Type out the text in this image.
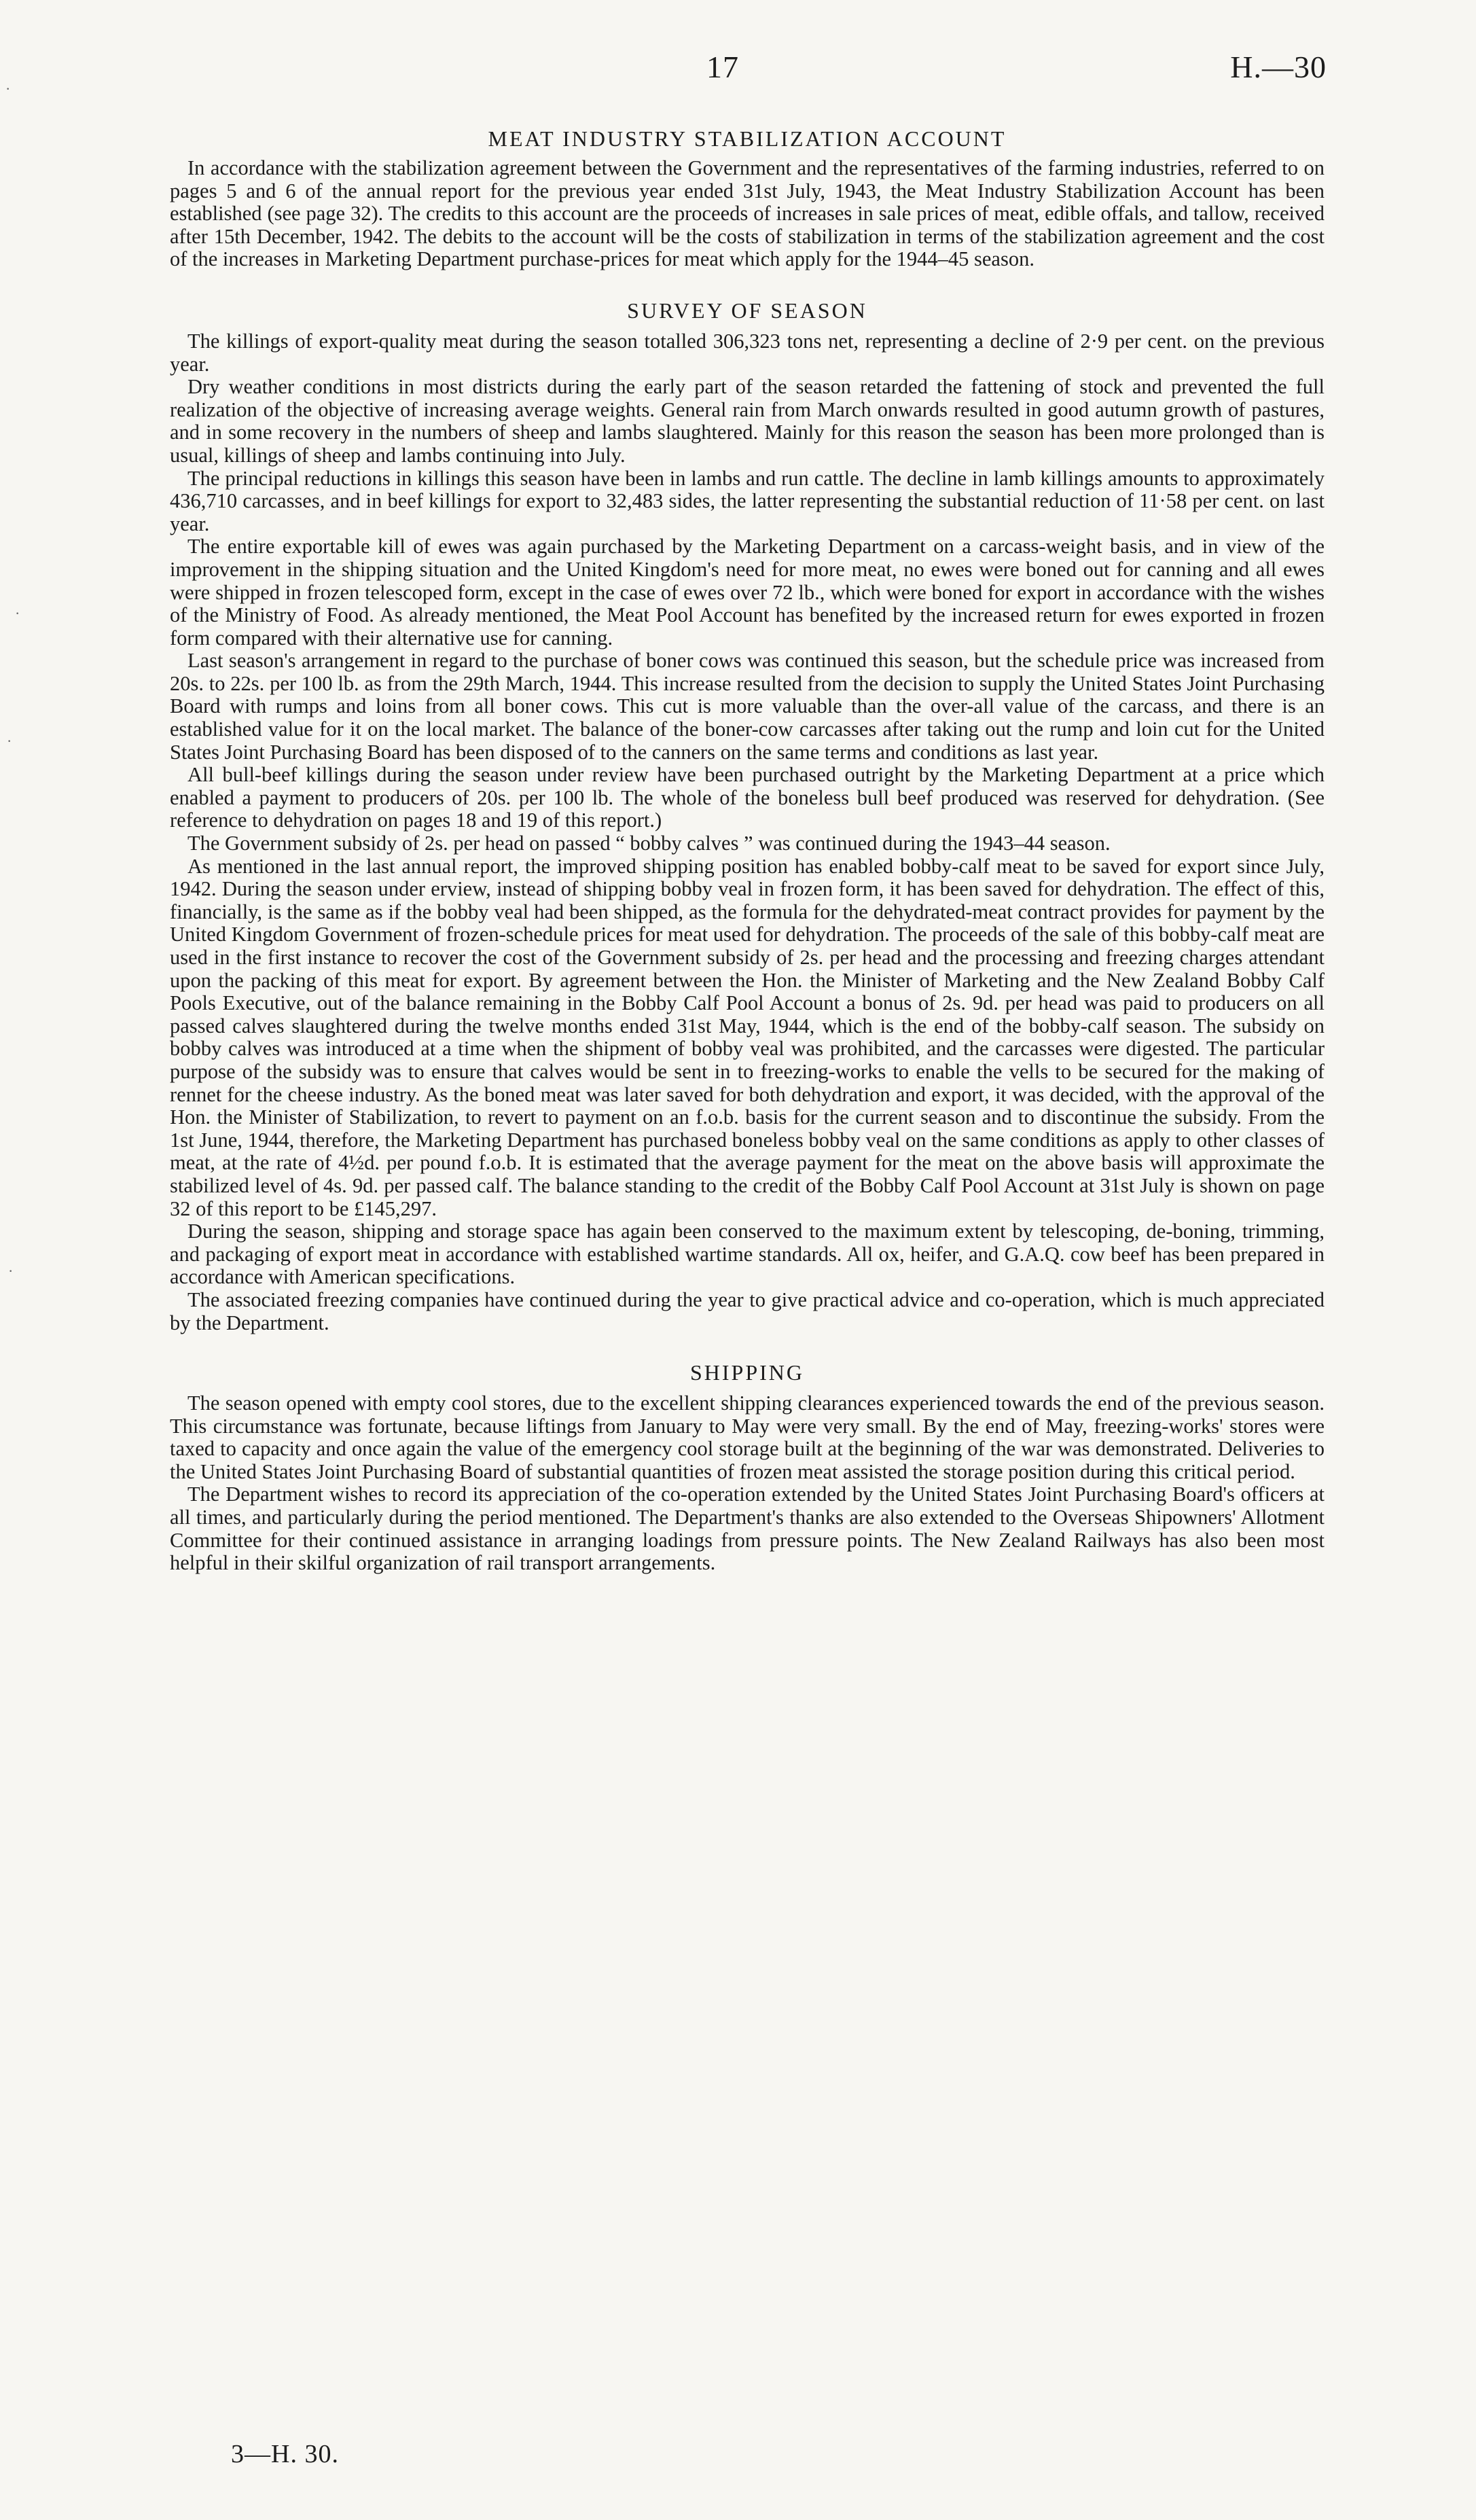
17	H.—30
MEAT INDUSTRY STABILIZATION ACCOUNT

In accordance with the stabilization agreement between the Government and the representatives of the farming industries, referred to on pages 5 and 6 of the annual report for the previous year ended 31st July, 1943, the Meat Industry Stabilization Account has been established (see page 32). The credits to this account are the proceeds of increases in sale prices of meat, edible offals, and tallow, received after 15th December, 1942. The debits to the account will be the costs of stabilization in terms of the stabilization agreement and the cost of the increases in Marketing Department purchase-prices for meat which apply for the 1944–45 season.

SURVEY OF SEASON

The killings of export-quality meat during the season totalled 306,323 tons net, representing a decline of 2·9 per cent. on the previous year.

Dry weather conditions in most districts during the early part of the season retarded the fattening of stock and prevented the full realization of the objective of increasing average weights. General rain from March onwards resulted in good autumn growth of pastures, and in some recovery in the numbers of sheep and lambs slaughtered. Mainly for this reason the season has been more prolonged than is usual, killings of sheep and lambs continuing into July.

The principal reductions in killings this season have been in lambs and run cattle. The decline in lamb killings amounts to approximately 436,710 carcasses, and in beef killings for export to 32,483 sides, the latter representing the substantial reduction of 11·58 per cent. on last year.

The entire exportable kill of ewes was again purchased by the Marketing Department on a carcass-weight basis, and in view of the improvement in the shipping situation and the United Kingdom's need for more meat, no ewes were boned out for canning and all ewes were shipped in frozen telescoped form, except in the case of ewes over 72 lb., which were boned for export in accordance with the wishes of the Ministry of Food. As already mentioned, the Meat Pool Account has benefited by the increased return for ewes exported in frozen form compared with their alternative use for canning.

Last season's arrangement in regard to the purchase of boner cows was continued this season, but the schedule price was increased from 20s. to 22s. per 100 lb. as from the 29th March, 1944. This increase resulted from the decision to supply the United States Joint Purchasing Board with rumps and loins from all boner cows. This cut is more valuable than the over-all value of the carcass, and there is an established value for it on the local market. The balance of the boner-cow carcasses after taking out the rump and loin cut for the United States Joint Purchasing Board has been disposed of to the canners on the same terms and conditions as last year.

All bull-beef killings during the season under review have been purchased outright by the Marketing Department at a price which enabled a payment to producers of 20s. per 100 lb. The whole of the boneless bull beef produced was reserved for dehydration. (See reference to dehydration on pages 18 and 19 of this report.)

The Government subsidy of 2s. per head on passed “ bobby calves ” was continued during the 1943–44 season.

As mentioned in the last annual report, the improved shipping position has enabled bobby-calf meat to be saved for export since July, 1942. During the season under erview, instead of shipping bobby veal in frozen form, it has been saved for dehydration. The effect of this, financially, is the same as if the bobby veal had been shipped, as the formula for the dehydrated-meat contract provides for payment by the United Kingdom Government of frozen-schedule prices for meat used for dehydration. The proceeds of the sale of this bobby-calf meat are used in the first instance to recover the cost of the Government subsidy of 2s. per head and the processing and freezing charges attendant upon the packing of this meat for export. By agreement between the Hon. the Minister of Marketing and the New Zealand Bobby Calf Pools Executive, out of the balance remaining in the Bobby Calf Pool Account a bonus of 2s. 9d. per head was paid to producers on all passed calves slaughtered during the twelve months ended 31st May, 1944, which is the end of the bobby-calf season. The subsidy on bobby calves was introduced at a time when the shipment of bobby veal was prohibited, and the carcasses were digested. The particular purpose of the subsidy was to ensure that calves would be sent in to freezing-works to enable the vells to be secured for the making of rennet for the cheese industry. As the boned meat was later saved for both dehydration and export, it was decided, with the approval of the Hon. the Minister of Stabilization, to revert to payment on an f.o.b. basis for the current season and to discontinue the subsidy. From the 1st June, 1944, therefore, the Marketing Department has purchased boneless bobby veal on the same conditions as apply to other classes of meat, at the rate of 4½d. per pound f.o.b. It is estimated that the average payment for the meat on the above basis will approximate the stabilized level of 4s. 9d. per passed calf. The balance standing to the credit of the Bobby Calf Pool Account at 31st July is shown on page 32 of this report to be £145,297.

During the season, shipping and storage space has again been conserved to the maximum extent by telescoping, de-boning, trimming, and packaging of export meat in accordance with established wartime standards. All ox, heifer, and G.A.Q. cow beef has been prepared in accordance with American specifications.

The associated freezing companies have continued during the year to give practical advice and co-operation, which is much appreciated by the Department.

SHIPPING

The season opened with empty cool stores, due to the excellent shipping clearances experienced towards the end of the previous season. This circumstance was fortunate, because liftings from January to May were very small. By the end of May, freezing-works' stores were taxed to capacity and once again the value of the emergency cool storage built at the beginning of the war was demonstrated. Deliveries to the United States Joint Purchasing Board of substantial quantities of frozen meat assisted the storage position during this critical period.

The Department wishes to record its appreciation of the co-operation extended by the United States Joint Purchasing Board's officers at all times, and particularly during the period mentioned. The Department's thanks are also extended to the Overseas Shipowners' Allotment Committee for their continued assistance in arranging loadings from pressure points. The New Zealand Railways has also been most helpful in their skilful organization of rail transport arrangements.

3—H. 30.
·
·
·
·
